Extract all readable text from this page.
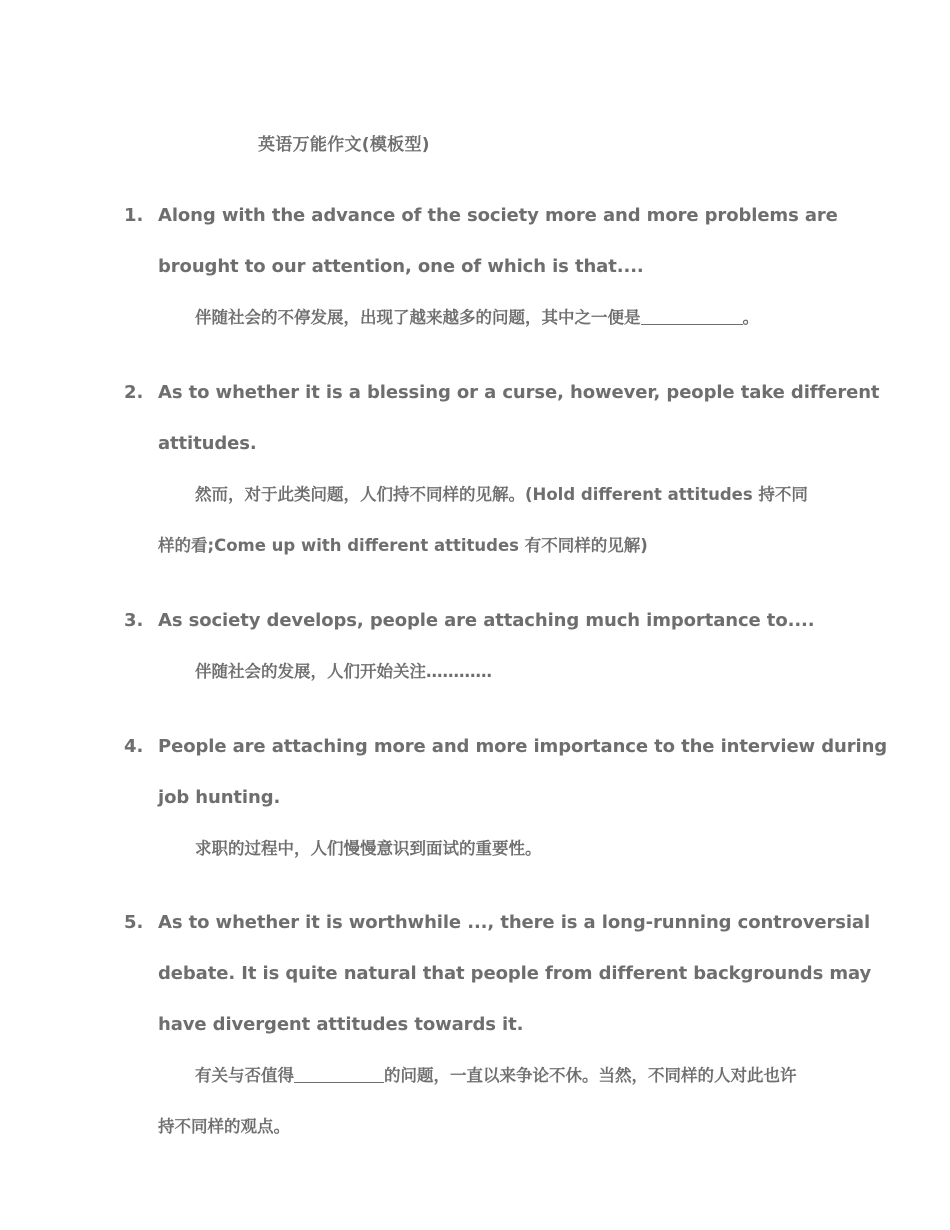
英语万能作文(模板型)
1. Along with the advance of the society more and more problems are
brought to our attention, one of which is that....
伴随社会的不停发展，出现了越来越多的问题，其中之一便是	。
2. As to whether it is a blessing or a curse, however, people take different
attitudes.
然而，对于此类问题，人们持不同样的见解。(Hold different attitudes 持不同
样的看;Come up with different attitudes 有不同样的见解)
3. As society develops, people are attaching much importance to....
伴随社会的发展，人们开始关注…………
4. People are attaching more and more importance to the interview during
job hunting.
求职的过程中，人们慢慢意识到面试的重要性。
5. As to whether it is worthwhile ..., there is a long-running controversial
debate. It is quite natural that people from different backgrounds may
have divergent attitudes towards it.
有关与否值得	的问题，一直以来争论不休。当然，不同样的人对此也许
持不同样的观点。
